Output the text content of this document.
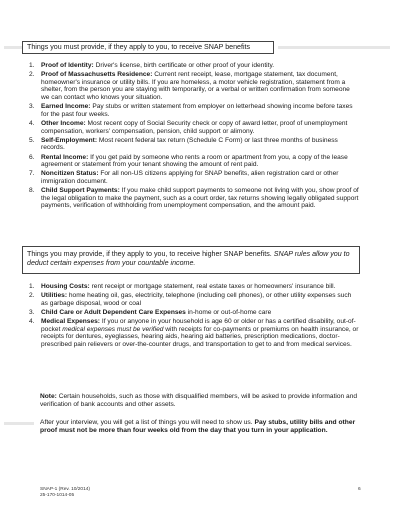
Things you must provide, if they apply to you, to receive SNAP benefits
1. Proof of Identity: Driver's license, birth certificate or other proof of your identity.
2. Proof of Massachusetts Residence: Current rent receipt, lease, mortgage statement, tax document, homeowner's insurance or utility bills. If you are homeless, a motor vehicle registration, statement from a shelter, from the person you are staying with temporarily, or a verbal or written confirmation from someone we can contact who knows your situation.
3. Earned Income: Pay stubs or written statement from employer on letterhead showing income before taxes for the past four weeks.
4. Other Income: Most recent copy of Social Security check or copy of award letter, proof of unemployment compensation, workers' compensation, pension, child support or alimony.
5. Self-Employment: Most recent federal tax return (Schedule C Form) or last three months of business records.
6. Rental Income: If you get paid by someone who rents a room or apartment from you, a copy of the lease agreement or statement from your tenant showing the amount of rent paid.
7. Noncitizen Status: For all non-US citizens applying for SNAP benefits, alien registration card or other immigration document.
8. Child Support Payments: If you make child support payments to someone not living with you, show proof of the legal obligation to make the payment, such as a court order, tax returns showing legally obligated support payments, verification of withholding from unemployment compensation, and the amount paid.
Things you may provide, if they apply to you, to receive higher SNAP benefits. SNAP rules allow you to deduct certain expenses from your countable income.
1. Housing Costs: rent receipt or mortgage statement, real estate taxes or homeowners' insurance bill.
2. Utilities: home heating oil, gas, electricity, telephone (including cell phones), or other utility expenses such as garbage disposal, wood or coal
3. Child Care or Adult Dependent Care Expenses in-home or out-of-home care
4. Medical Expenses: If you or anyone in your household is age 60 or older or has a certified disability, out-of-pocket medical expenses must be verified with receipts for co-payments or premiums on health insurance, or receipts for dentures, eyeglasses, hearing aids, hearing aid batteries, prescription medications, doctor-prescribed pain relievers or over-the-counter drugs, and transportation to get to and from medical services.
Note: Certain households, such as those with disqualified members, will be asked to provide information and verification of bank accounts and other assets.
After your interview, you will get a list of things you will need to show us. Pay stubs, utility bills and other proof must not be more than four weeks old from the day that you turn in your application.
SNAP-1 (Rev. 10/2014)
25-170-1014-05
6
